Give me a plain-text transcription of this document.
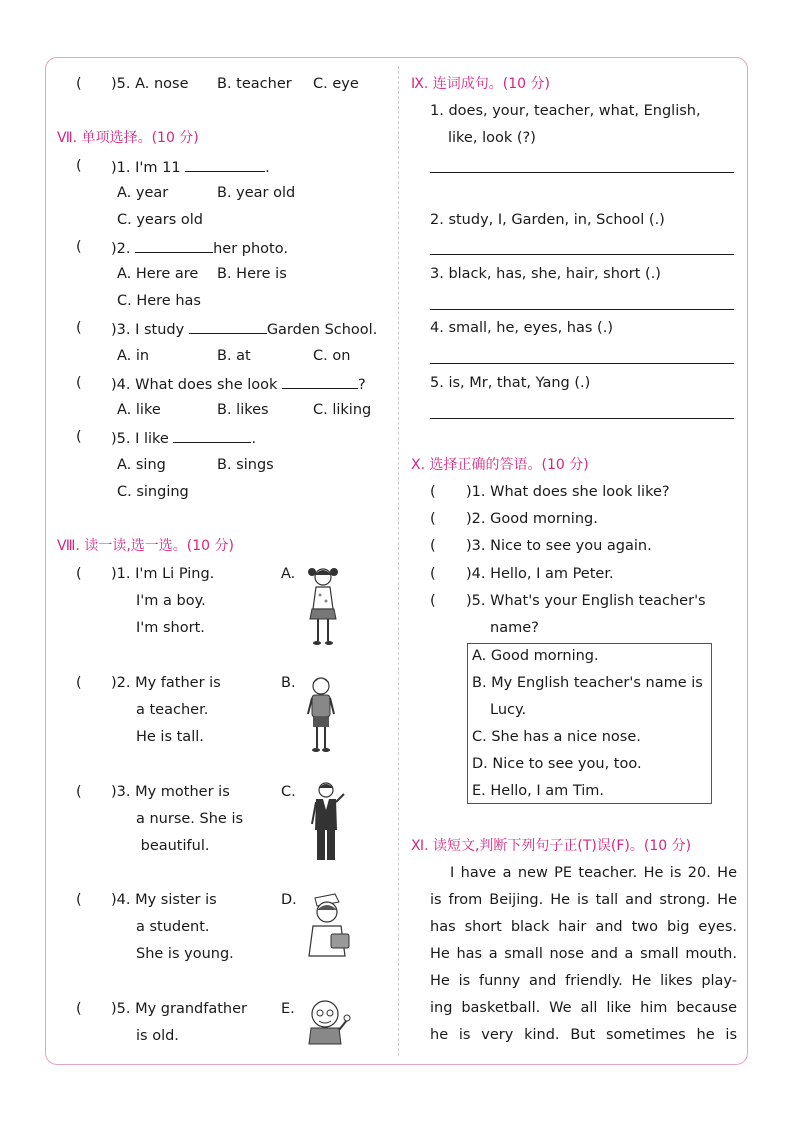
( )5. A. nose B. teacher C. eye
Ⅶ. 单项选择。(10 分)
( )1. I'm 11	.
A. year	B. year old
C. years old
( )2.	her photo.
A. Here are B. Here is
C. Here has
( )3. I study	Garden School.
A. in	B. at	C. on
( )4. What does she look	?
A. like	B. likes	C. liking
( )5. I like	.
A. sing	B. sings
C. singing
Ⅷ. 读一读,选一选。(10 分)
( )1. I'm Li Ping.
I'm a boy.
I'm short.
A.
( )2. My father is
a teacher.
He is tall.
B.
( )3. My mother is
a nurse. She is
beautiful.
C.
( )4. My sister is
a student.
She is young.
D.
( )5. My grandfather
is old.
E.
Ⅸ. 连词成句。(10 分)
1. does, your, teacher, what, English,
like, look (?)
2. study, I, Garden, in, School (.)
3. black, has, she, hair, short (.)
4. small, he, eyes, has (.)
5. is, Mr, that, Yang (.)
Ⅹ. 选择正确的答语。(10 分)
( )1. What does she look like?
( )2. Good morning.
( )3. Nice to see you again.
( )4. Hello, I am Peter.
( )5. What's your English teacher's
name?
A. Good morning.
B. My English teacher's name is
Lucy.
C. She has a nice nose.
D. Nice to see you, too.
E. Hello, I am Tim.
Ⅺ. 读短文,判断下列句子正(T)误(F)。(10 分)
I have a new PE teacher. He is 20. He
is from Beijing. He is tall and strong. He
has short black hair and two big eyes.
He has a small nose and a small mouth.
He is funny and friendly. He likes play-
ing basketball. We all like him because
he is very kind. But sometimes he is
